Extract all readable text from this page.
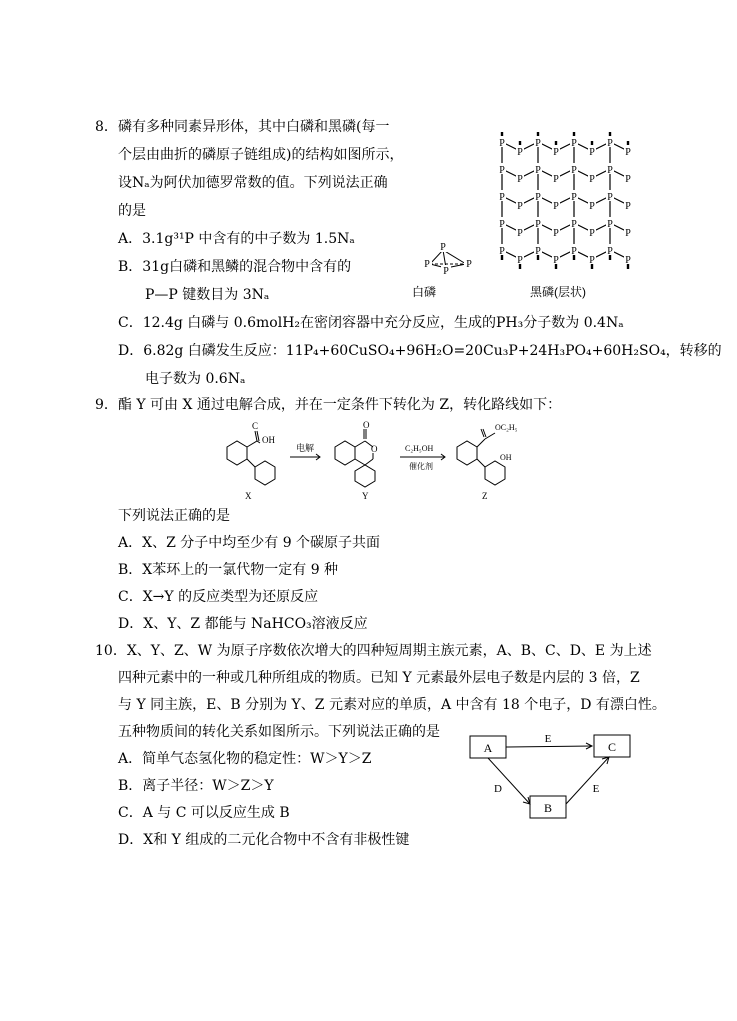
8． 磷有多种同素异形体，其中白磷和黑磷(每一
个层由曲折的磷原子链组成)的结构如图所示，
设Nₐ为阿伏加德罗常数的值。下列说法正确
的是
A．3.1g³¹P 中含有的中子数为 1.5Nₐ
B．31g白磷和黑鳞的混合物中含有的
P—P 键数目为 3Nₐ
C．12.4g 白磷与 0.6molH₂在密闭容器中充分反应，生成的PH₃分子数为 0.4Nₐ
D．6.82g 白磷发生反应：11P₄+60CuSO₄+96H₂O=20Cu₃P+24H₃PO₄+60H₂SO₄，转移的
电子数为 0.6Nₐ
P
P	P
P
白磷
P
P
P
P
P
P
P
P
P
P
P
P
P
P
P
P
P
P
P
P
P
P
P
P
P
P
P
P
P
P
P
P
P
P
P
P
P
P
P
P
黑磷(层状)
9．酯 Y 可由 X 通过电解合成，并在一定条件下转化为 Z，转化路线如下：
OH
C	O
O
电解	C₂H₅OH
催化剂
OC₂H₅
OH
X	Y	Z
下列说法正确的是
A．X、Z 分子中均至少有 9 个碳原子共面
B．X苯环上的一氯代物一定有 9 种
C．X→Y 的反应类型为还原反应
D．X、Y、Z 都能与 NaHCO₃溶液反应
10．X、Y、Z、W 为原子序数依次增大的四种短周期主族元素，A、B、C、D、E 为上述
四种元素中的一种或几种所组成的物质。已知 Y 元素最外层电子数是内层的 3 倍，Z
与 Y 同主族，E、B 分别为 Y、Z 元素对应的单质，A 中含有 18 个电子，D 有漂白性。
五种物质间的转化关系如图所示。下列说法正确的是
A．简单气态氢化物的稳定性：W＞Y＞Z
B．离子半径：W＞Z＞Y
C．A 与 C 可以反应生成 B
D．X和 Y 组成的二元化合物中不含有非极性键
A	C
B
E
D	E
